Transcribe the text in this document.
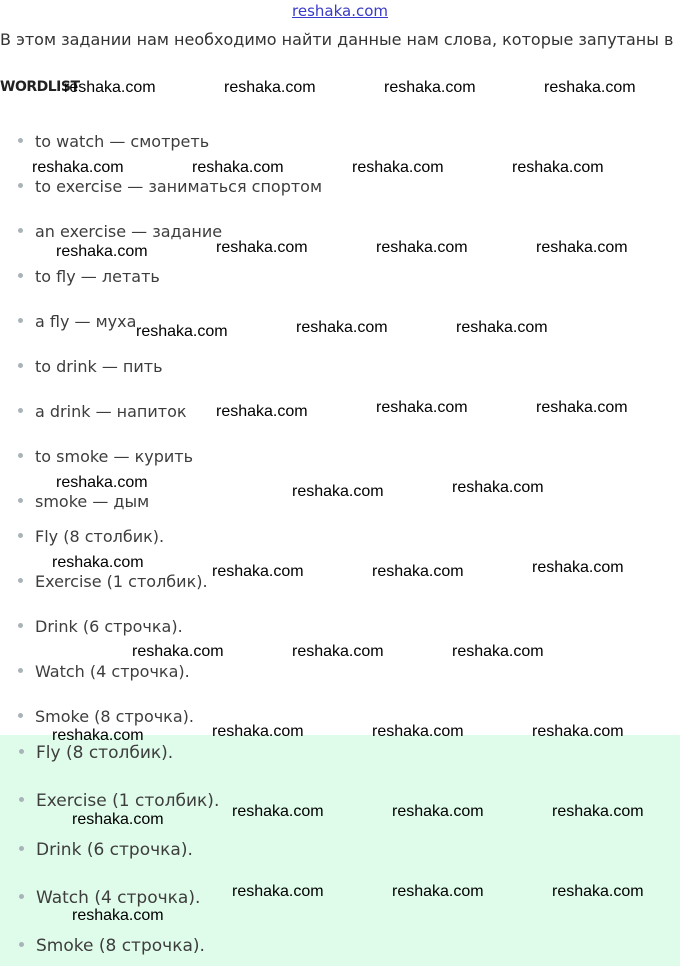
reshaka.com
В этом задании нам необходимо найти данные нам слова, которые запутаны в
WORDLIST
to watch — смотреть
to exercise — заниматься спортом
an exercise — задание
to fly — летать
a fly — муха
to drink — пить
a drink — напиток
to smoke — курить
smoke — дым
Fly (8 столбик).
Exercise (1 столбик).
Drink (6 строчка).
Watch (4 строчка).
Smoke (8 строчка).
Fly (8 столбик).
Exercise (1 столбик).
Drink (6 строчка).
Watch (4 строчка).
Smoke (8 строчка).
reshaka.com	reshaka.com	reshaka.com	reshaka.com
reshaka.com	reshaka.com	reshaka.com	reshaka.com
reshaka.com	reshaka.com	reshaka.com	reshaka.com
reshaka.com	reshaka.com	reshaka.com
reshaka.com	reshaka.com	reshaka.com
reshaka.com
reshaka.com	reshaka.com
reshaka.com
reshaka.com	reshaka.com	reshaka.com
reshaka.com	reshaka.com	reshaka.com
reshaka.com	reshaka.com	reshaka.com	reshaka.com
reshaka.com	reshaka.com	reshaka.com	reshaka.com
reshaka.com
reshaka.com	reshaka.com	reshaka.com
